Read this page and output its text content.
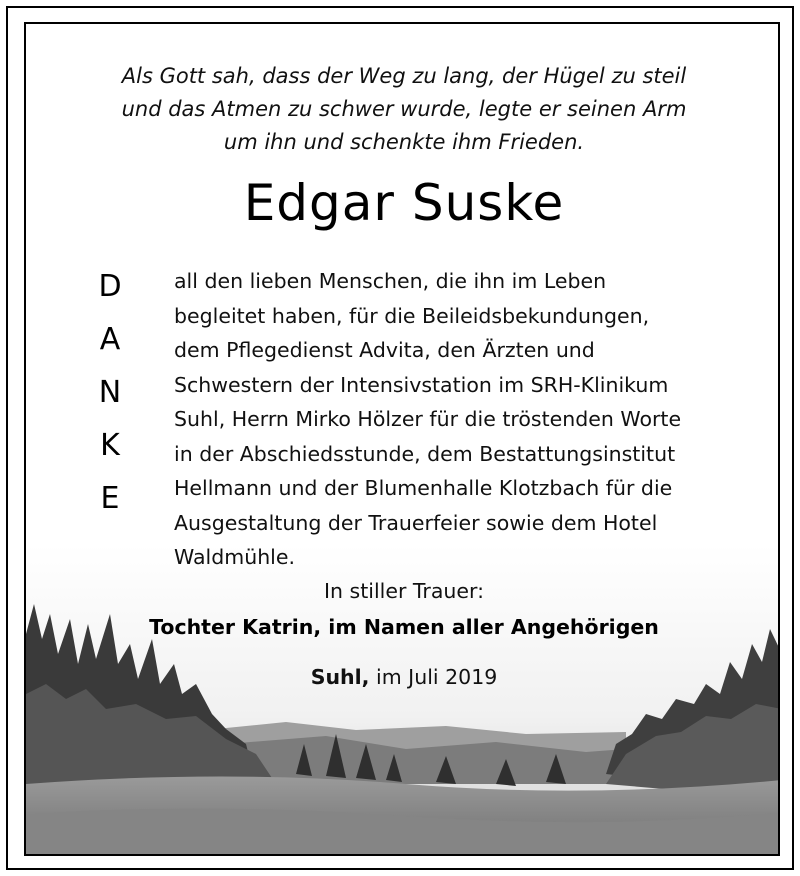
Als Gott sah, dass der Weg zu lang, der Hügel zu steil
und das Atmen zu schwer wurde, legte er seinen Arm
um ihn und schenkte ihm Frieden.
Edgar Suske
D
A
N
K
E
all den lieben Menschen, die ihn im Leben
begleitet haben, für die Beileidsbekundungen,
dem Pflegedienst Advita, den Ärzten und
Schwestern der Intensivstation im SRH-Klinikum
Suhl, Herrn Mirko Hölzer für die tröstenden Worte
in der Abschiedsstunde, dem Bestattungsinstitut
Hellmann und der Blumenhalle Klotzbach für die
Ausgestaltung der Trauerfeier sowie dem Hotel
Waldmühle.
In stiller Trauer:
Tochter Katrin, im Namen aller Angehörigen
Suhl, im Juli 2019
